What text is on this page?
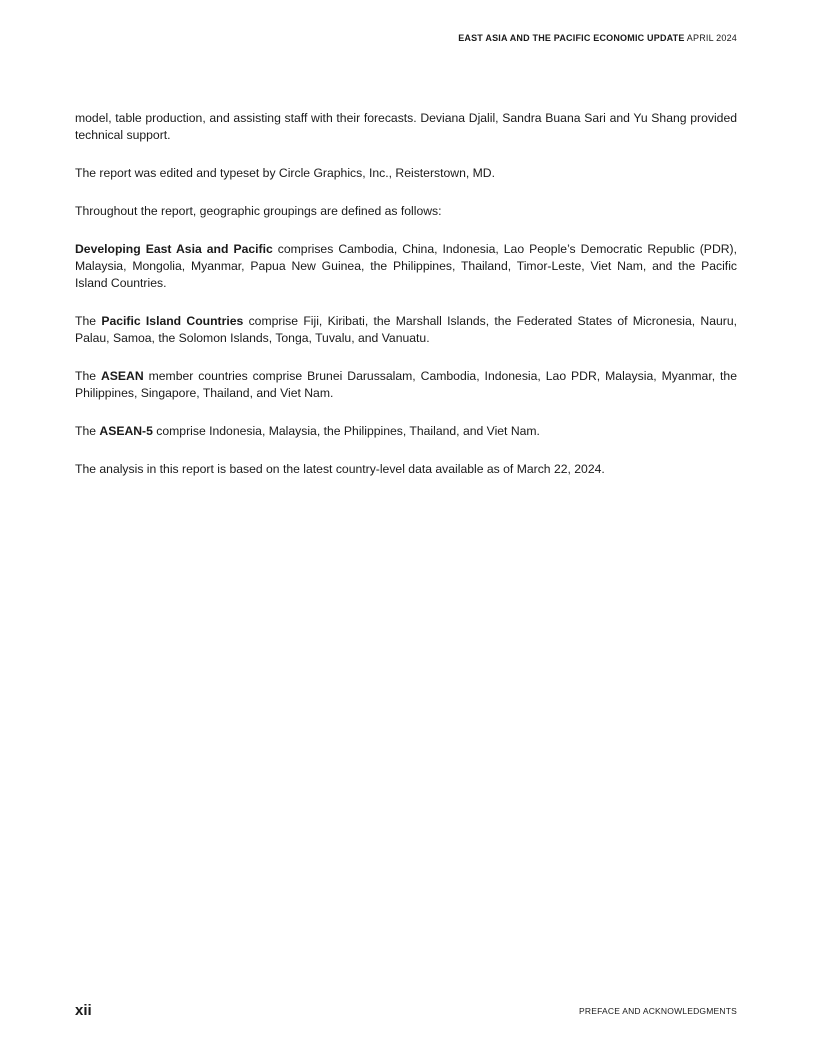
EAST ASIA AND THE PACIFIC ECONOMIC UPDATE APRIL 2024

model, table production, and assisting staff with their forecasts. Deviana Djalil, Sandra Buana Sari and Yu Shang provided technical support.

The report was edited and typeset by Circle Graphics, Inc., Reisterstown, MD.

Throughout the report, geographic groupings are defined as follows:

Developing East Asia and Pacific comprises Cambodia, China, Indonesia, Lao People’s Democratic Republic (PDR), Malaysia, Mongolia, Myanmar, Papua New Guinea, the Philippines, Thailand, Timor-Leste, Viet Nam, and the Pacific Island Countries.

The Pacific Island Countries comprise Fiji, Kiribati, the Marshall Islands, the Federated States of Micronesia, Nauru, Palau, Samoa, the Solomon Islands, Tonga, Tuvalu, and Vanuatu.

The ASEAN member countries comprise Brunei Darussalam, Cambodia, Indonesia, Lao PDR, Malaysia, Myanmar, the Philippines, Singapore, Thailand, and Viet Nam.

The ASEAN-5 comprise Indonesia, Malaysia, the Philippines, Thailand, and Viet Nam.

The analysis in this report is based on the latest country-level data available as of March 22, 2024.

xii	PREFACE AND ACKNOWLEDGMENTS
